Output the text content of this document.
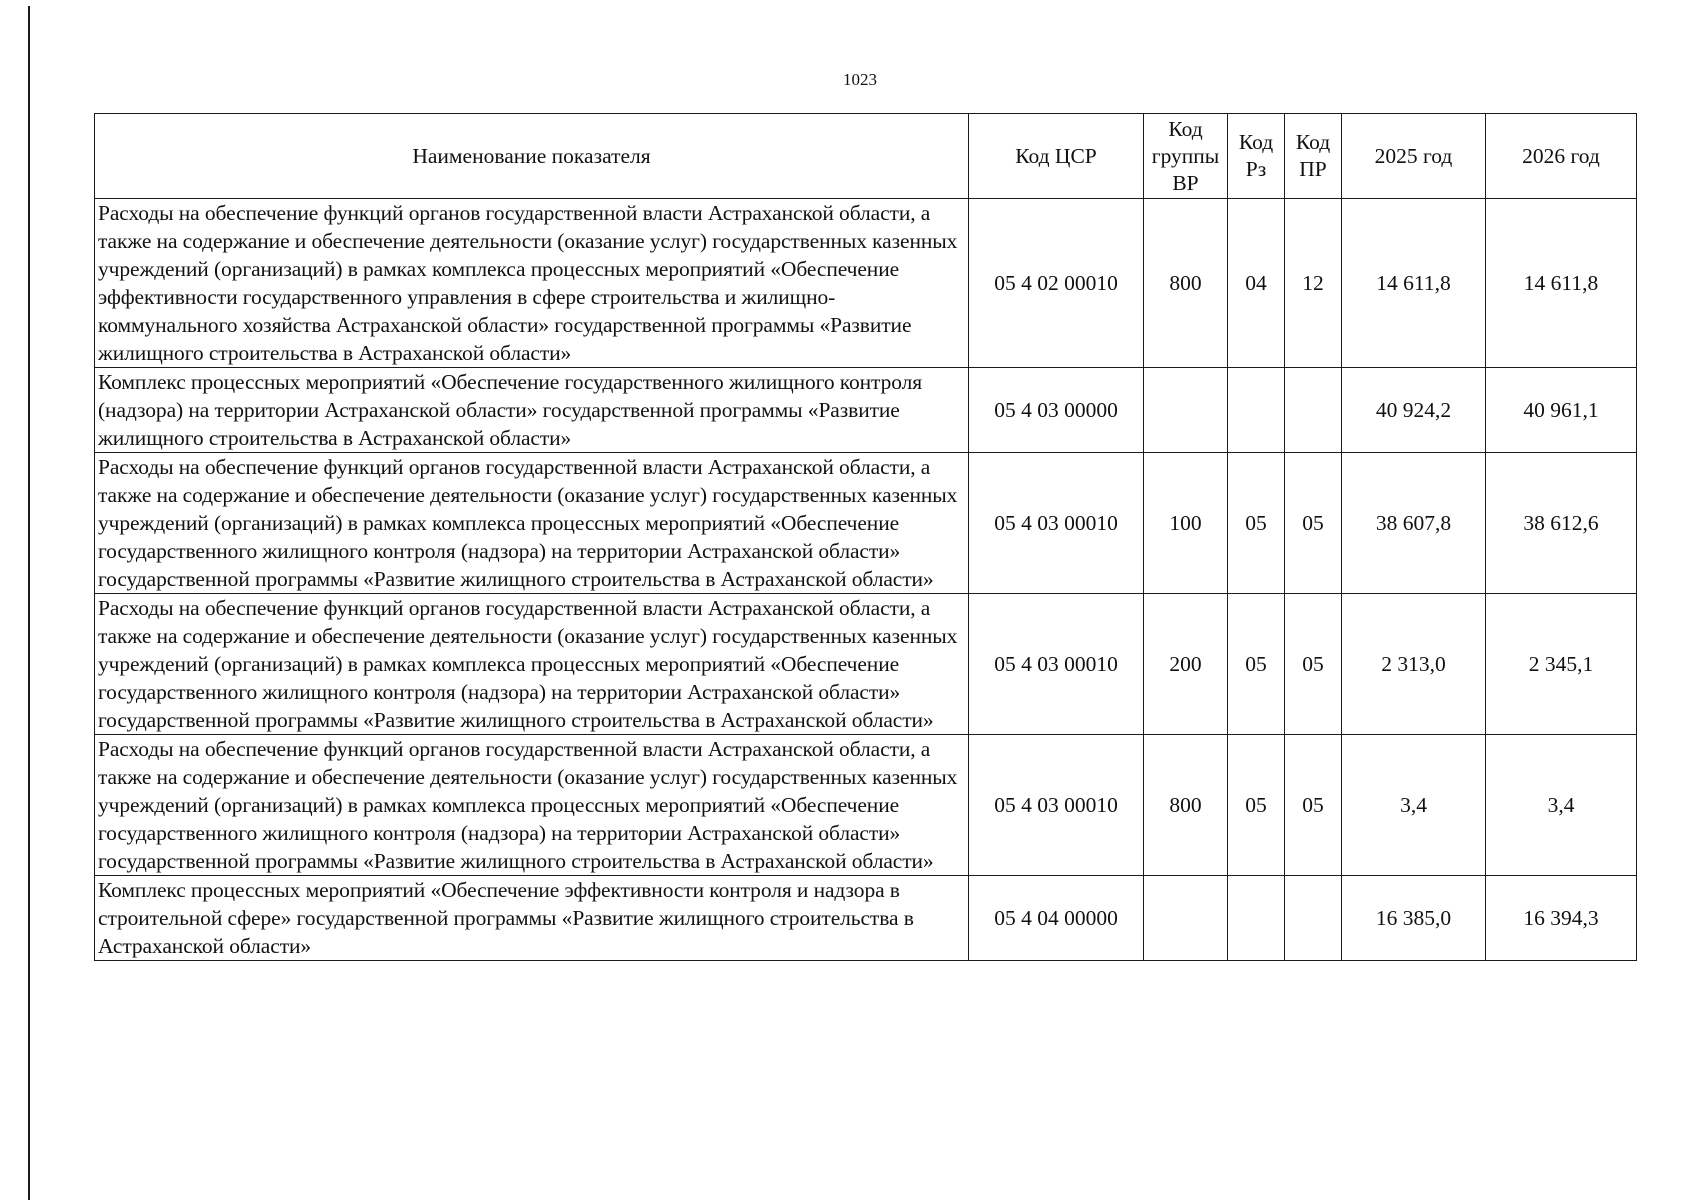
1023
Наименование показателя	Код ЦСР	Код группы ВР	Код Рз	Код ПР	2025 год	2026 год
Расходы на обеспечение функций органов государственной власти Астраханской области, а также на содержание и обеспечение деятельности (оказание услуг) государственных казенных учреждений (организаций) в рамках комплекса процессных мероприятий «Обеспечение эффективности государственного управления в сфере строительства и жилищно-коммунального хозяйства Астраханской области» государственной программы «Развитие жилищного строительства в Астраханской области»	05 4 02 00010	800	04	12	14 611,8	14 611,8
Комплекс процессных мероприятий «Обеспечение государственного жилищного контроля (надзора) на территории Астраханской области» государственной программы «Развитие жилищного строительства в Астраханской области»	05 4 03 00000				40 924,2	40 961,1
Расходы на обеспечение функций органов государственной власти Астраханской области, а также на содержание и обеспечение деятельности (оказание услуг) государственных казенных учреждений (организаций) в рамках комплекса процессных мероприятий «Обеспечение государственного жилищного контроля (надзора) на территории Астраханской области» государственной программы «Развитие жилищного строительства в Астраханской области»	05 4 03 00010	100	05	05	38 607,8	38 612,6
Расходы на обеспечение функций органов государственной власти Астраханской области, а также на содержание и обеспечение деятельности (оказание услуг) государственных казенных учреждений (организаций) в рамках комплекса процессных мероприятий «Обеспечение государственного жилищного контроля (надзора) на территории Астраханской области» государственной программы «Развитие жилищного строительства в Астраханской области»	05 4 03 00010	200	05	05	2 313,0	2 345,1
Расходы на обеспечение функций органов государственной власти Астраханской области, а также на содержание и обеспечение деятельности (оказание услуг) государственных казенных учреждений (организаций) в рамках комплекса процессных мероприятий «Обеспечение государственного жилищного контроля (надзора) на территории Астраханской области» государственной программы «Развитие жилищного строительства в Астраханской области»	05 4 03 00010	800	05	05	3,4	3,4
Комплекс процессных мероприятий «Обеспечение эффективности контроля и надзора в строительной сфере» государственной программы «Развитие жилищного строительства в Астраханской области»	05 4 04 00000				16 385,0	16 394,3
